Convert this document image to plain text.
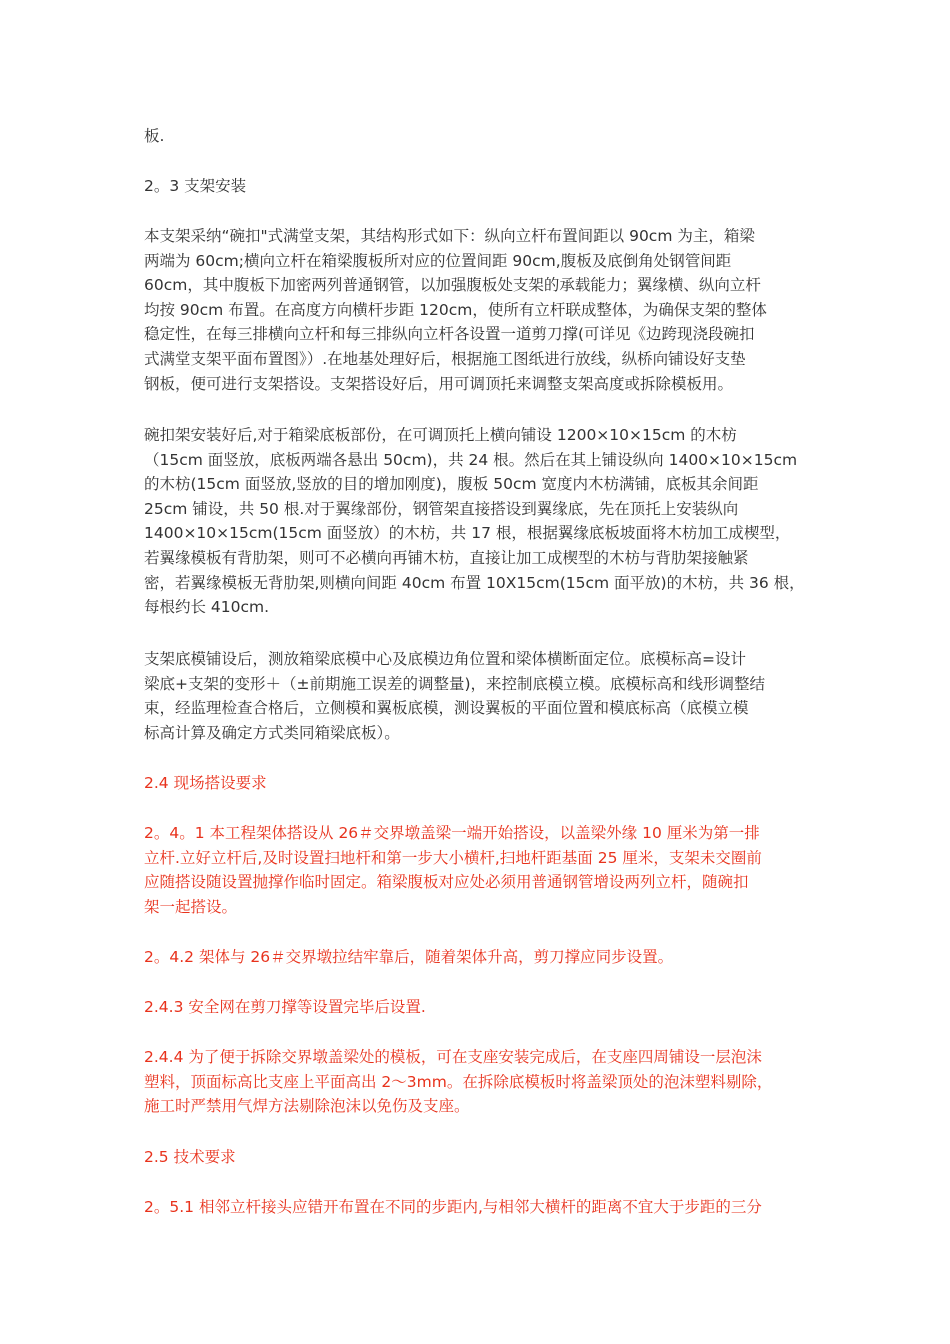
板.
2。3 支架安装
本支架采纳“碗扣"式满堂支架，其结构形式如下：纵向立杆布置间距以 90cm 为主，箱梁
两端为 60cm;横向立杆在箱梁腹板所对应的位置间距 90cm,腹板及底倒角处钢管间距
60cm，其中腹板下加密两列普通钢管，以加强腹板处支架的承载能力；翼缘横、纵向立杆
均按 90cm 布置。在高度方向横杆步距 120cm，使所有立杆联成整体，为确保支架的整体
稳定性，在每三排横向立杆和每三排纵向立杆各设置一道剪刀撑(可详见《边跨现浇段碗扣
式满堂支架平面布置图》）.在地基处理好后，根据施工图纸进行放线，纵桥向铺设好支垫
钢板，便可进行支架搭设。支架搭设好后，用可调顶托来调整支架高度或拆除模板用。
碗扣架安装好后,对于箱梁底板部份，在可调顶托上横向铺设 1200×10×15cm 的木枋
（15cm 面竖放，底板两端各悬出 50cm)，共 24 根。然后在其上铺设纵向 1400×10×15cm
的木枋(15cm 面竖放,竖放的目的增加刚度)，腹板 50cm 宽度内木枋满铺，底板其余间距
25cm 铺设，共 50 根.对于翼缘部份，钢管架直接搭设到翼缘底，先在顶托上安装纵向
1400×10×15cm(15cm 面竖放）的木枋，共 17 根，根据翼缘底板坡面将木枋加工成楔型，
若翼缘模板有背肋架，则可不必横向再铺木枋，直接让加工成楔型的木枋与背肋架接触紧
密，若翼缘模板无背肋架,则横向间距 40cm 布置 10X15cm(15cm 面平放)的木枋，共 36 根，
每根约长 410cm.
支架底模铺设后，测放箱梁底模中心及底模边角位置和梁体横断面定位。底模标高=设计
梁底+支架的变形＋（±前期施工误差的调整量)，来控制底模立模。底模标高和线形调整结
束，经监理检查合格后，立侧模和翼板底模，测设翼板的平面位置和模底标高（底模立模
标高计算及确定方式类同箱梁底板）。
2.4 现场搭设要求
2。4。1 本工程架体搭设从 26＃交界墩盖梁一端开始搭设，以盖梁外缘 10 厘米为第一排
立杆.立好立杆后,及时设置扫地杆和第一步大小横杆,扫地杆距基面 25 厘米，支架未交圈前
应随搭设随设置抛撑作临时固定。箱梁腹板对应处必须用普通钢管增设两列立杆，随碗扣
架一起搭设。
2。4.2 架体与 26＃交界墩拉结牢靠后，随着架体升高，剪刀撑应同步设置。
2.4.3 安全网在剪刀撑等设置完毕后设置.
2.4.4 为了便于拆除交界墩盖梁处的模板，可在支座安装完成后，在支座四周铺设一层泡沫
塑料，顶面标高比支座上平面高出 2～3mm。在拆除底模板时将盖梁顶处的泡沫塑料剔除，
施工时严禁用气焊方法剔除泡沫以免伤及支座。
2.5 技术要求
2。5.1 相邻立杆接头应错开布置在不同的步距内,与相邻大横杆的距离不宜大于步距的三分
